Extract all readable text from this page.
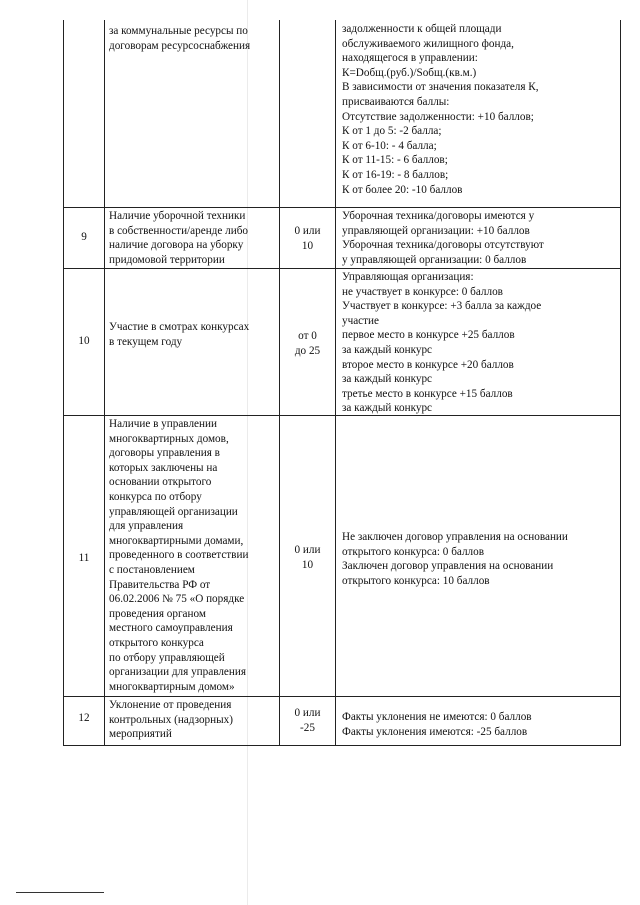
за коммунальные ресурсы по
договорам ресурсоснабжения
задолженности к общей площади
обслуживаемого жилищного фонда,
находящегося в управлении:
К=Dобщ.(руб.)/Sобщ.(кв.м.)
В зависимости от значения показателя К,
присваиваются баллы:
Отсутствие задолженности: +10 баллов;
К от 1 до 5: -2 балла;
К от 6-10: - 4 балла;
К от 11-15: - 6 баллов;
К от 16-19: - 8 баллов;
К от более 20: -10 баллов
9
Наличие уборочной техники
в собственности/аренде либо
наличие договора на уборку
придомовой территории
0 или
10
Уборочная техника/договоры имеются у
управляющей организации: +10 баллов
Уборочная техника/договоры отсутствуют
у управляющей организации: 0 баллов
10
Участие в смотрах конкурсах
в текущем году	от 0
до 25
Управляющая организация:
не участвует в конкурсе: 0 баллов
Участвует в конкурсе: +3 балла за каждое
участие
первое место в конкурсе +25 баллов
за каждый конкурс
второе место в конкурсе +20 баллов
за каждый конкурс
третье место в конкурсе +15 баллов
за каждый конкурс
11
Наличие в управлении
многоквартирных домов,
договоры управления в
которых заключены на
основании открытого
конкурса по отбору
управляющей организации
для управления
многоквартирными домами,
проведенного в соответствии
с постановлением
Правительства РФ от
06.02.2006 № 75 «О порядке
проведения органом
местного самоуправления
открытого конкурса
по отбору управляющей
организации для управления
многоквартирным домом»
0 или
10
Не заключен договор управления на основании
открытого конкурса: 0 баллов
Заключен договор управления на основании
открытого конкурса: 10 баллов
12
Уклонение от проведения
контрольных (надзорных)
мероприятий
0 или
-25
Факты уклонения не имеются: 0 баллов
Факты уклонения имеются: -25 баллов
